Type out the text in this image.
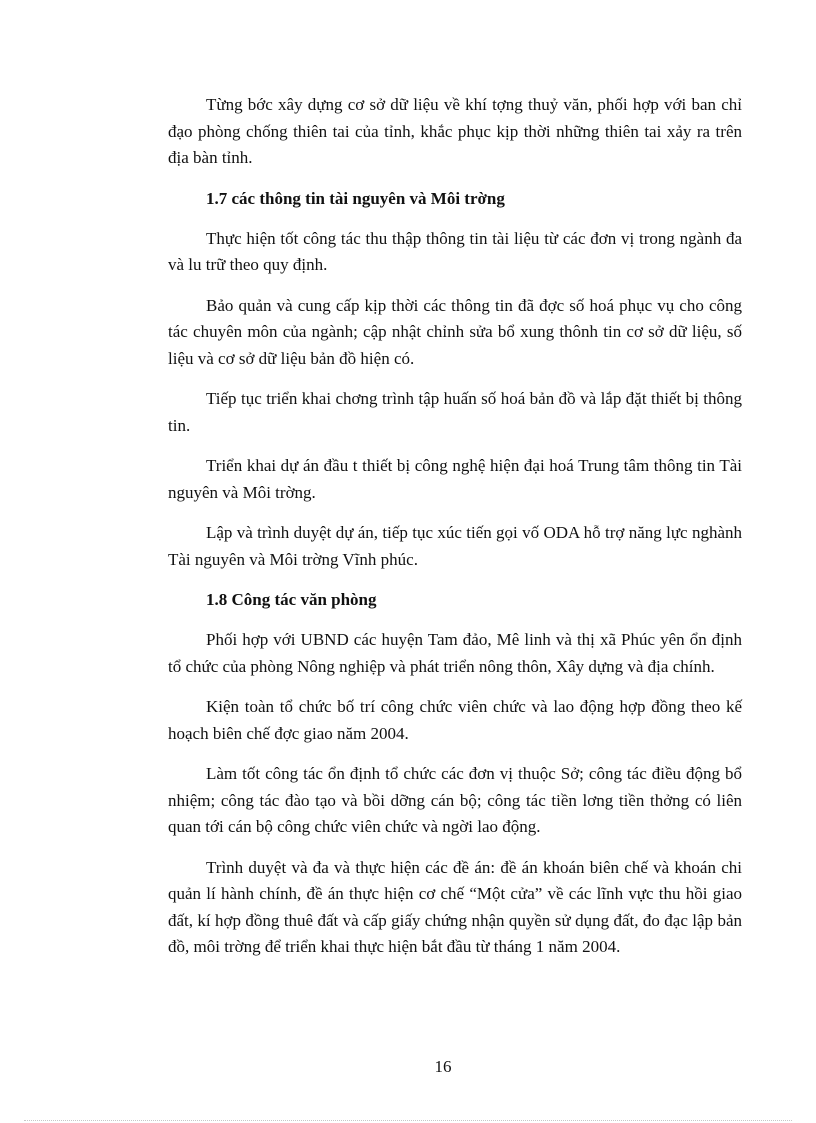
Từng bớc xây dựng cơ sở dữ liệu về khí tợng thuỷ văn, phối hợp với ban chỉ đạo phòng chống thiên tai của tỉnh, khắc phục kịp thời những thiên tai xảy ra trên địa bàn tỉnh.

1.7 các thông tin tài nguyên và Môi trờng

Thực hiện tốt công tác thu thập thông tin tài liệu từ các đơn vị trong ngành đa và lu trữ theo quy định.

Bảo quản và cung cấp kịp thời các thông tin đã đợc số hoá phục vụ cho công tác chuyên môn của ngành; cập nhật chỉnh sửa bổ xung thônh tin cơ sở dữ liệu, số liệu và cơ sở dữ liệu bản đồ hiện có.

Tiếp tục triển khai chơng trình tập huấn số hoá bản đồ và lắp đặt thiết bị thông tin.

Triển khai dự án đầu t thiết bị công nghệ hiện đại hoá Trung tâm thông tin Tài nguyên và Môi trờng.

Lập và trình duyệt dự án, tiếp tục xúc tiến gọi vố ODA hỗ trợ năng lực nghành Tài nguyên và Môi trờng Vĩnh phúc.

1.8 Công tác văn phòng

Phối hợp với UBND các huyện Tam đảo, Mê linh và thị xã Phúc yên ổn định tổ chức của phòng Nông nghiệp và phát triển nông thôn, Xây dựng và địa chính.

Kiện toàn tổ chức bố trí công chức viên chức và lao động hợp đồng theo kế hoạch biên chế đợc giao năm 2004.

Làm tốt công tác ổn định tổ chức các đơn vị thuộc Sở; công tác điều động bổ nhiệm; công tác đào tạo và bồi dỡng cán bộ; công tác tiền lơng tiền thởng có liên quan tới cán bộ công chức viên chức và ngời lao động.

Trình duyệt và đa và thực hiện các đề án: đề án khoán biên chế và khoán chi quản lí hành chính, đề án thực hiện cơ chế “Một cửa” về các lĩnh vực thu hồi giao đất, kí hợp đồng thuê đất và cấp giấy chứng nhận quyền sử dụng đất, đo đạc lập bản đồ, môi trờng để triển khai thực hiện bắt đầu từ tháng 1 năm 2004.

16
